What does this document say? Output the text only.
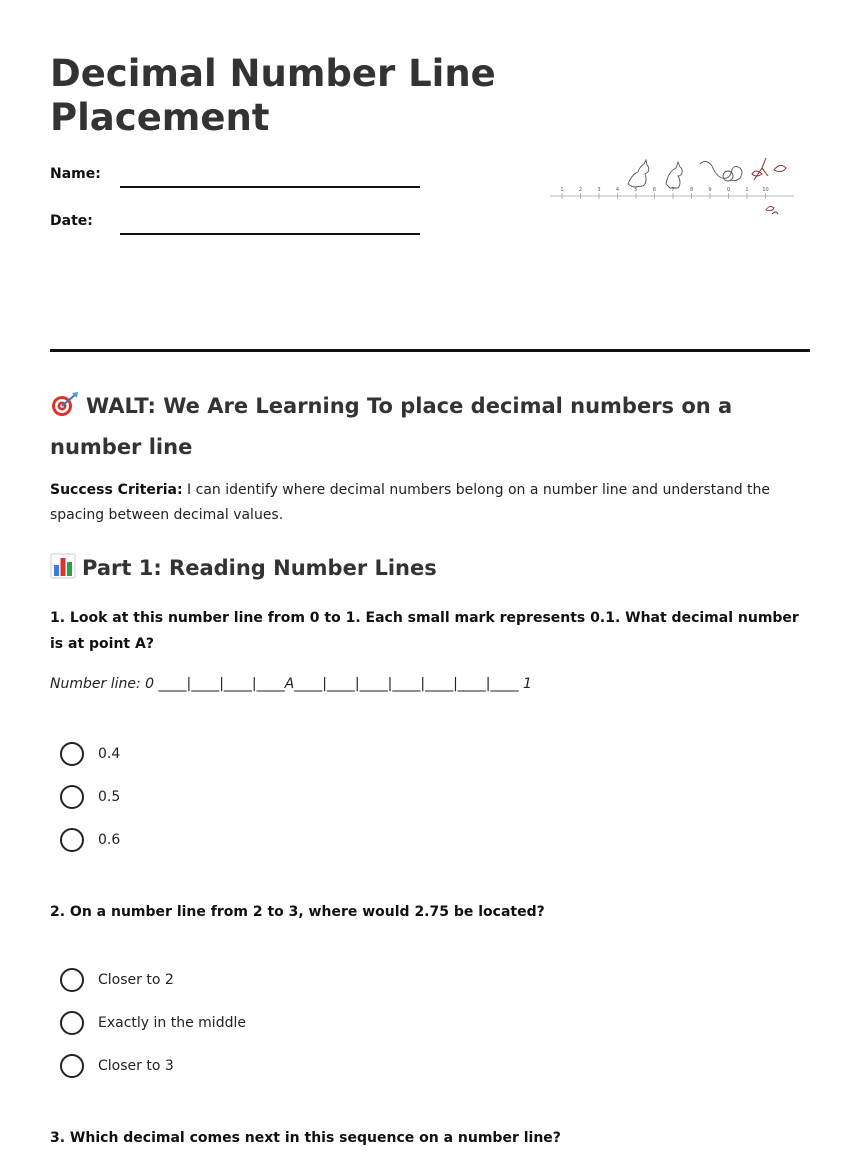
Decimal Number Line Placement
Name:
Date:
1	2	3	4	5	6	7	8	9	0	1	10
WALT: We Are Learning To place decimal numbers on a number line

Success Criteria: I can identify where decimal numbers belong on a number line and understand the spacing between decimal values.

Part 1: Reading Number Lines

1. Look at this number line from 0 to 1. Each small mark represents 0.1. What decimal number is at point A?

Number line: 0 ____|____|____|____A____|____|____|____|____|____|____ 1
0.4
0.5
0.6

2. On a number line from 2 to 3, where would 2.75 be located?

Closer to 2
Exactly in the middle
Closer to 3

3. Which decimal comes next in this sequence on a number line?
